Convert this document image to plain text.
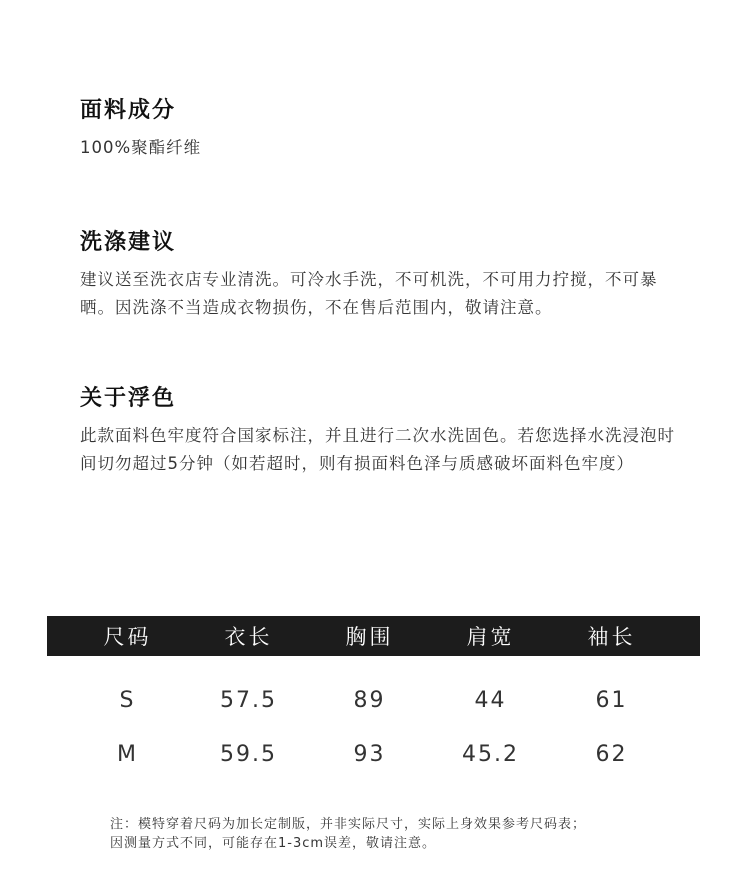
面料成分

100%聚酯纤维

洗涤建议

建议送至洗衣店专业清洗。可冷水手洗，不可机洗，不可用力拧搅，不可暴晒。因洗涤不当造成衣物损伤，不在售后范围内，敬请注意。

关于浮色

此款面料色牢度符合国家标注，并且进行二次水洗固色。若您选择水洗浸泡时间切勿超过5分钟（如若超时，则有损面料色泽与质感破坏面料色牢度）

尺码	衣长	胸围	肩宽	袖长
S	57.5	89	44	61
M	59.5	93	45.2	62
注：模特穿着尺码为加长定制版，并非实际尺寸，实际上身效果参考尺码表；
因测量方式不同，可能存在1-3cm误差，敬请注意。
